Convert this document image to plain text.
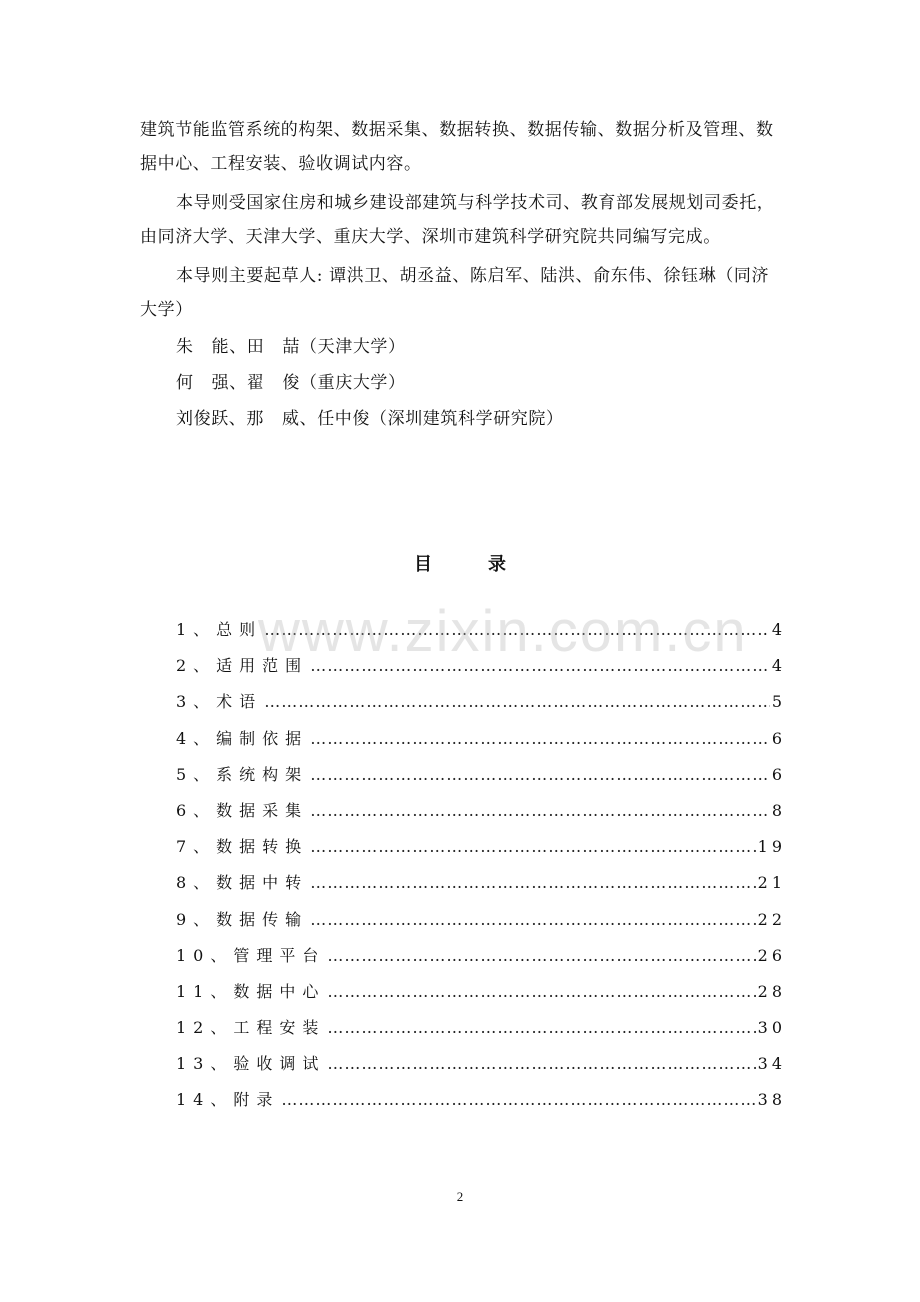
建筑节能监管系统的构架、数据采集、数据转换、数据传输、数据分析及管理、数据中心、工程安装、验收调试内容。
本导则受国家住房和城乡建设部建筑与科学技术司、教育部发展规划司委托，由同济大学、天津大学、重庆大学、深圳市建筑科学研究院共同编写完成。
本导则主要起草人: 谭洪卫、胡丞益、陈启军、陆洪、俞东伟、徐钰琳（同济大学）
朱   能、田   喆（天津大学）
何   强、翟   俊（重庆大学）
刘俊跃、那   威、任中俊（深圳建筑科学研究院）
目录
1、总则 …………………………………………………………………………………………………………	.4
2、适用范围 …………………………………………………………………………………………………………	4
3、术语 …………………………………………………………………………………………………………	5
4、编制依据 …………………………………………………………………………………………………………	6
5、系统构架 …………………………………………………………………………………………………………	6
6、数据采集 …………………………………………………………………………………………………………	8
7、数据转换 …………………………………………………………………………………………………………	19
8、数据中转 …………………………………………………………………………………………………………	21
9、数据传输 …………………………………………………………………………………………………………	22
10、管理平台 …………………………………………………………………………………………………………	26
11、数据中心 …………………………………………………………………………………………………………	28
12、工程安装 …………………………………………………………………………………………………………	30
13、验收调试 …………………………………………………………………………………………………………	34
14、附录 …………………………………………………………………………………………………………	38
www.zixin.com.cn
2
